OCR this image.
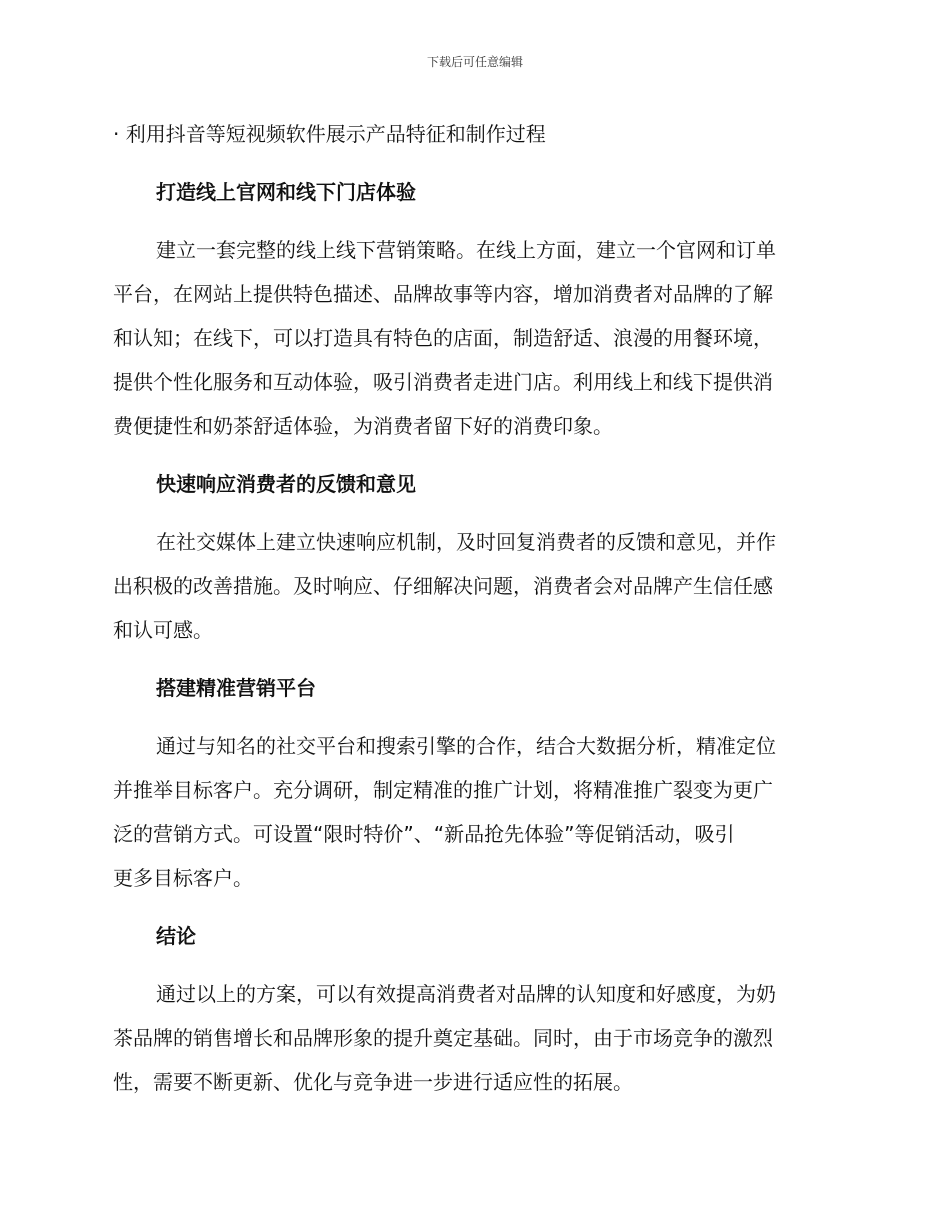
下载后可任意编辑
· 利用抖音等短视频软件展示产品特征和制作过程
打造线上官网和线下门店体验
建立一套完整的线上线下营销策略。在线上方面，建立一个官网和订单
平台，在网站上提供特色描述、品牌故事等内容，增加消费者对品牌的了解
和认知；在线下，可以打造具有特色的店面，制造舒适、浪漫的用餐环境，
提供个性化服务和互动体验，吸引消费者走进门店。利用线上和线下提供消
费便捷性和奶茶舒适体验，为消费者留下好的消费印象。
快速响应消费者的反馈和意见
在社交媒体上建立快速响应机制，及时回复消费者的反馈和意见，并作
出积极的改善措施。及时响应、仔细解决问题，消费者会对品牌产生信任感
和认可感。
搭建精准营销平台
通过与知名的社交平台和搜索引擎的合作，结合大数据分析，精准定位
并推举目标客户。充分调研，制定精准的推广计划，将精准推广裂变为更广
泛的营销方式。可设置“限时特价”、“新品抢先体验”等促销活动，吸引
更多目标客户。
结论
通过以上的方案，可以有效提高消费者对品牌的认知度和好感度，为奶
茶品牌的销售增长和品牌形象的提升奠定基础。同时，由于市场竞争的激烈
性，需要不断更新、优化与竞争进一步进行适应性的拓展。
